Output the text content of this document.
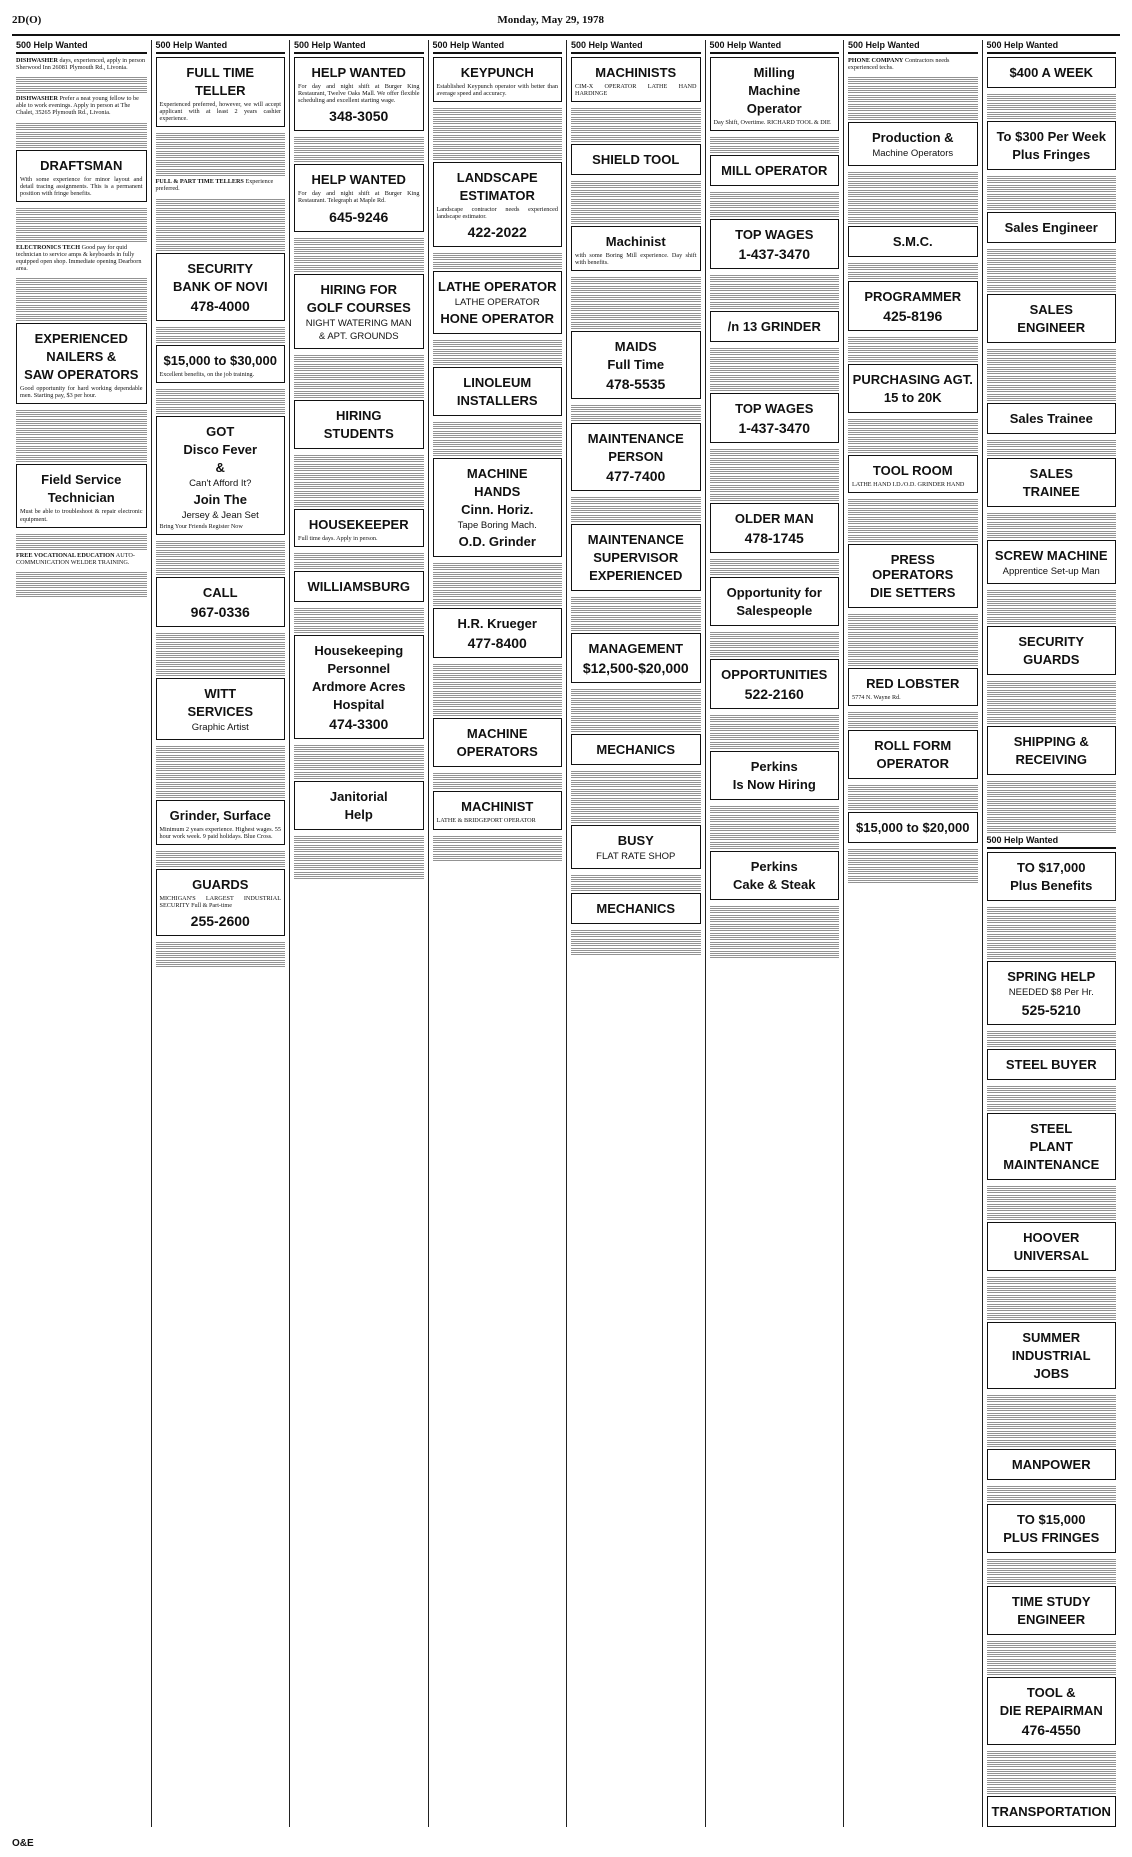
2D(O)	Monday, May 29, 1978
500 Help Wanted
DISHWASHER days, experienced, apply in person Sherwood Inn 26081 Plymouth Rd., Livonia.
DISHWASHER Prefer a neat young fellow to be able to work evenings. Apply in person at The Chalet, 35265 Plymouth Rd., Livonia.
DRAFTSMAN
With some experience for minor layout and detail tracing assignments. This is a permanent position with fringe benefits.
ELECTRONICS TECH Good pay for quid technician to service amps & keyboards in fully equipped open shop. Immediate opening Dearborn area.
EXPERIENCED
NAILERS &
SAW OPERATORS
Good opportunity for hard working dependable men. Starting pay, $3 per hour.
Field Service
Technician
Must be able to troubleshoot & repair electronic equipment.
FREE VOCATIONAL EDUCATION AUTO-COMMUNICATION WELDER TRAINING.
500 Help Wanted
FULL TIME
TELLER
Experienced preferred, however, we will accept applicant with at least 2 years cashier experience.
FULL & PART TIME TELLERS Experience preferred.
SECURITY
BANK OF NOVI
478-4000
$15,000 to $30,000
Excellent benefits, on the job training.
GOT
Disco Fever
&
Can't Afford It?
Join The
Jersey & Jean Set
Bring Your Friends Register Now
CALL
967-0336
WITT
SERVICES
Graphic Artist
Grinder, Surface
Minimum 2 years experience. Highest wages. 55 hour work week. 9 paid holidays. Blue Cross.
GUARDS
MICHIGAN'S LARGEST INDUSTRIAL SECURITY Full & Part-time
255-2600
500 Help Wanted
HELP WANTED
For day and night shift at Burger King Restaurant, Twelve Oaks Mall. We offer flexible scheduling and excellent starting wage.
348-3050
HELP WANTED
For day and night shift at Burger King Restaurant. Telegraph at Maple Rd.
645-9246
HIRING FOR
GOLF COURSES
NIGHT WATERING MAN
& APT. GROUNDS
HIRING
STUDENTS
HOUSEKEEPER
Full time days. Apply in person.
WILLIAMSBURG
Housekeeping
Personnel
Ardmore Acres
Hospital
474-3300
Janitorial
Help
500 Help Wanted
KEYPUNCH
Established Keypunch operator with better than average speed and accuracy.
LANDSCAPE
ESTIMATOR
Landscape contractor needs experienced landscape estimator.
422-2022
LATHE OPERATOR
LATHE OPERATOR
HONE OPERATOR
LINOLEUM
INSTALLERS
MACHINE
HANDS
Cinn. Horiz.
Tape Boring Mach.
O.D. Grinder
H.R. Krueger
477-8400
MACHINE
OPERATORS
MACHINIST
LATHE & BRIDGEPORT OPERATOR
500 Help Wanted
MACHINISTS
CIM-X OPERATOR LATHE HAND HARDINGE
SHIELD TOOL
Machinist
with some Boring Mill experience. Day shift with benefits.
MAIDS
Full Time
478-5535
MAINTENANCE
PERSON
477-7400
MAINTENANCE
SUPERVISOR
EXPERIENCED
MANAGEMENT
$12,500-$20,000
MECHANICS
BUSY
FLAT RATE SHOP
MECHANICS
500 Help Wanted
Milling
Machine
Operator
Day Shift, Overtime. RICHARD TOOL & DIE
MILL OPERATOR
TOP WAGES
1-437-3470
/n 13 GRINDER
TOP WAGES
1-437-3470
OLDER MAN
478-1745
Opportunity for
Salespeople
OPPORTUNITIES
522-2160
Perkins
Is Now Hiring
Perkins
Cake & Steak
500 Help Wanted
PHONE COMPANY Contractors needs experienced techs.
Production &
Machine Operators
S.M.C.
PROGRAMMER
425-8196
PURCHASING AGT.
15 to 20K
TOOL ROOM
LATHE HAND I.D./O.D. GRINDER HAND
PRESS OPERATORS
DIE SETTERS
RED LOBSTER
5774 N. Wayne Rd.
ROLL FORM
OPERATOR
$15,000 to $20,000
500 Help Wanted
$400 A WEEK
To $300 Per Week
Plus Fringes
Sales Engineer
SALES
ENGINEER
Sales Trainee
SALES
TRAINEE
SCREW MACHINE
Apprentice Set-up Man
SECURITY
GUARDS
SHIPPING &
RECEIVING
500 Help Wanted
TO $17,000
Plus Benefits
SPRING HELP
NEEDED $8 Per Hr.
525-5210
STEEL BUYER
STEEL
PLANT
MAINTENANCE
HOOVER
UNIVERSAL
SUMMER
INDUSTRIAL
JOBS
MANPOWER
TO $15,000
PLUS FRINGES
TIME STUDY
ENGINEER
TOOL &
DIE REPAIRMAN
476-4550
TRANSPORTATION
O&E
